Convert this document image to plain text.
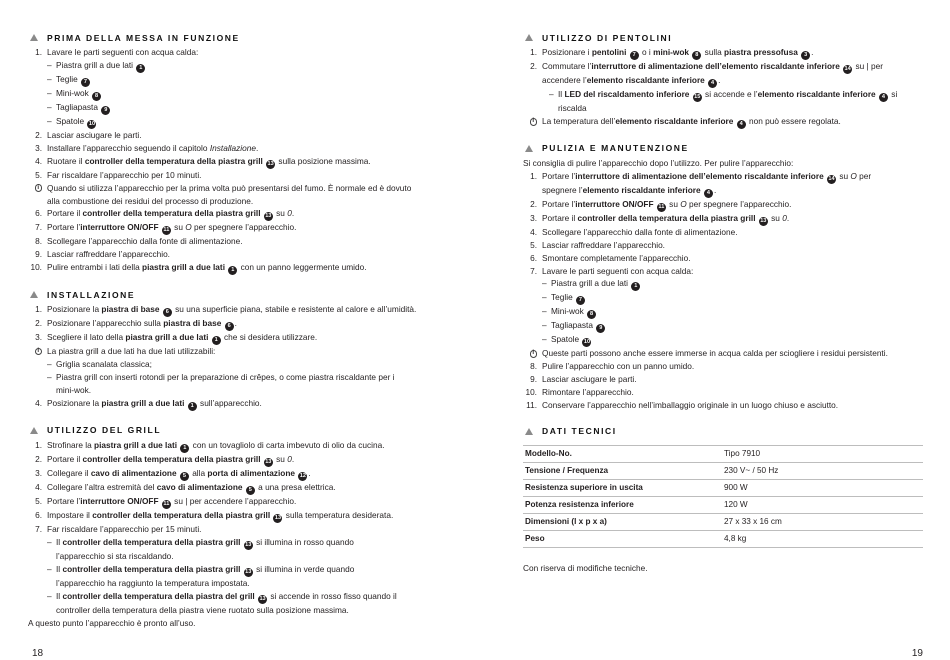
PRIMA DELLA MESSA IN FUNZIONE
1. Lavare le parti seguenti con acqua calda:
– Piastra grill a due lati 1
– Teglie 7
– Mini-wok 8
– Tagliapasta 9
– Spatole 10
2. Lasciar asciugare le parti.
3. Installare l’apparecchio seguendo il capitolo Installazione.
4. Ruotare il controller della temperatura della piastra grill 13 sulla posizione massima.
5. Far riscaldare l’apparecchio per 10 minuti.
i Quando si utilizza l’apparecchio per la prima volta può presentarsi del fumo. È normale ed è dovuto
alla combustione dei residui del processo di produzione.
6. Portare il controller della temperatura della piastra grill 13 su 0.
7. Portare l’interruttore ON/OFF 11 su O per spegnere l’apparecchio.
8. Scollegare l’apparecchio dalla fonte di alimentazione.
9. Lasciar raffreddare l’apparecchio.
10. Pulire entrambi i lati della piastra grill a due lati 1 con un panno leggermente umido.
INSTALLAZIONE
1. Posizionare la piastra di base 6 su una superficie piana, stabile e resistente al calore e all’umidità.
2. Posizionare l’apparecchio sulla piastra di base 6 .
3. Scegliere il lato della piastra grill a due lati 1 che si desidera utilizzare.
i La piastra grill a due lati ha due lati utilizzabili:
– Griglia scanalata classica;
– Piastra grill con inserti rotondi per la preparazione di crêpes, o come piastra riscaldante per i
mini-wok.
4. Posizionare la piastra grill a due lati 1 sull’apparecchio.
UTILIZZO DEL GRILL
1. Strofinare la piastra grill a due lati 1 con un tovagliolo di carta imbevuto di olio da cucina.
2. Portare il controller della temperatura della piastra grill 13 su 0.
3. Collegare il cavo di alimentazione 5 alla porta di alimentazione 12 .
4. Collegare l’altra estremità del cavo di alimentazione 5 a una presa elettrica.
5. Portare l’interruttore ON/OFF 11 su | per accendere l’apparecchio.
6. Impostare il controller della temperatura della piastra grill 13 sulla temperatura desiderata.
7. Far riscaldare l’apparecchio per 15 minuti.
– Il controller della temperatura della piastra grill 13 si illumina in rosso quando
l’apparecchio si sta riscaldando.
– Il controller della temperatura della piastra grill 13 si illumina in verde quando
l’apparecchio ha raggiunto la temperatura impostata.
– Il controller della temperatura della piastra del grill 13 si accende in rosso fisso quando il
controller della temperatura della piastra viene ruotato sulla posizione massima.
A questo punto l’apparecchio è pronto all’uso.
18
UTILIZZO DI PENTOLINI
1. Posizionare i pentolini 7 o i mini-wok 8 sulla piastra pressofusa 3 .
2. Commutare l’interruttore di alimentazione dell’elemento riscaldante inferiore 14 su | per
accendere l’elemento riscaldante inferiore 4 .
– Il LED del riscaldamento inferiore 15 si accende e l’elemento riscaldante inferiore 4 si
riscalda
i La temperatura dell’elemento riscaldante inferiore 4 non può essere regolata.
PULIZIA E MANUTENZIONE
Si consiglia di pulire l’apparecchio dopo l’utilizzo. Per pulire l’apparecchio:
1. Portare l’interruttore di alimentazione dell’elemento riscaldante inferiore 14 su O per
spegnere l’elemento riscaldante inferiore 4 .
2. Portare l’interruttore ON/OFF 11 su O per spegnere l’apparecchio.
3. Portare il controller della temperatura della piastra grill 13 su 0.
4. Scollegare l’apparecchio dalla fonte di alimentazione.
5. Lasciar raffreddare l’apparecchio.
6. Smontare completamente l’apparecchio.
7. Lavare le parti seguenti con acqua calda:
– Piastra grill a due lati 1
– Teglie 7
– Mini-wok 8
– Tagliapasta 9
– Spatole 10
i Queste parti possono anche essere immerse in acqua calda per sciogliere i residui persistenti.
8. Pulire l’apparecchio con un panno umido.
9. Lasciar asciugare le parti.
10. Rimontare l’apparecchio.
11. Conservare l’apparecchio nell’imballaggio originale in un luogo chiuso e asciutto.
DATI TECNICI
Modello-No.	Tipo 7910
Tensione / Frequenza	230 V~ / 50 Hz
Resistenza superiore in uscita	900 W
Potenza resistenza inferiore	120 W
Dimensioni (l x p x a)	27 x 33 x 16 cm
Peso	4,8 kg
Con riserva di modifiche tecniche.
19
